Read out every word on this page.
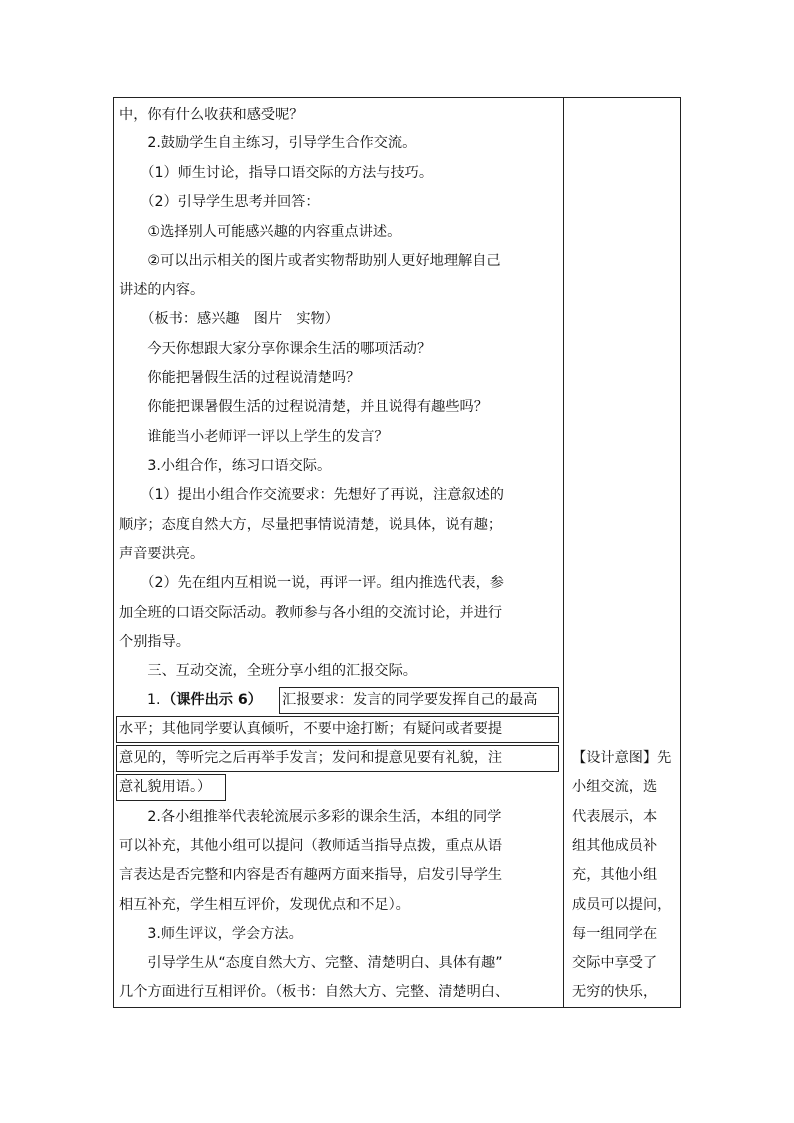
中，你有什么收获和感受呢？
　　2.鼓励学生自主练习，引导学生合作交流。
　　（1）师生讨论，指导口语交际的方法与技巧。
　　（2）引导学生思考并回答：
　　①选择别人可能感兴趣的内容重点讲述。
　　②可以出示相关的图片或者实物帮助别人更好地理解自己
讲述的内容。
　　（板书：感兴趣　图片　实物）
　　今天你想跟大家分享你课余生活的哪项活动？
　　你能把暑假生活的过程说清楚吗？
　　你能把课暑假生活的过程说清楚，并且说得有趣些吗？
　　谁能当小老师评一评以上学生的发言？
　　3.小组合作，练习口语交际。
　　（1）提出小组合作交流要求：先想好了再说，注意叙述的
顺序；态度自然大方，尽量把事情说清楚，说具体，说有趣；
声音要洪亮。
　　（2）先在组内互相说一说，再评一评。组内推选代表，参
加全班的口语交际活动。教师参与各小组的交流讨论，并进行
个别指导。
　　三、互动交流，全班分享小组的汇报交际。
1. （课件出示 6） 汇报要求：发言的同学要发挥自己的最高
水平；其他同学要认真倾听，不要中途打断；有疑问或者要提
意见的，等听完之后再举手发言；发问和提意见要有礼貌，注
意礼貌用语。）
　　2.各小组推举代表轮流展示多彩的课余生活，本组的同学
可以补充，其他小组可以提问（教师适当指导点拨，重点从语
言表达是否完整和内容是否有趣两方面来指导，启发引导学生
相互补充，学生相互评价，发现优点和不足）。
　　3.师生评议，学会方法。
　　引导学生从“态度自然大方、完整、清楚明白、具体有趣”
几个方面进行互相评价。（板书：自然大方、完整、清楚明白、
【设计意图】先
小组交流，选
代表展示，本
组其他成员补
充，其他小组
成员可以提问，
每一组同学在
交际中享受了
无穷的快乐，
